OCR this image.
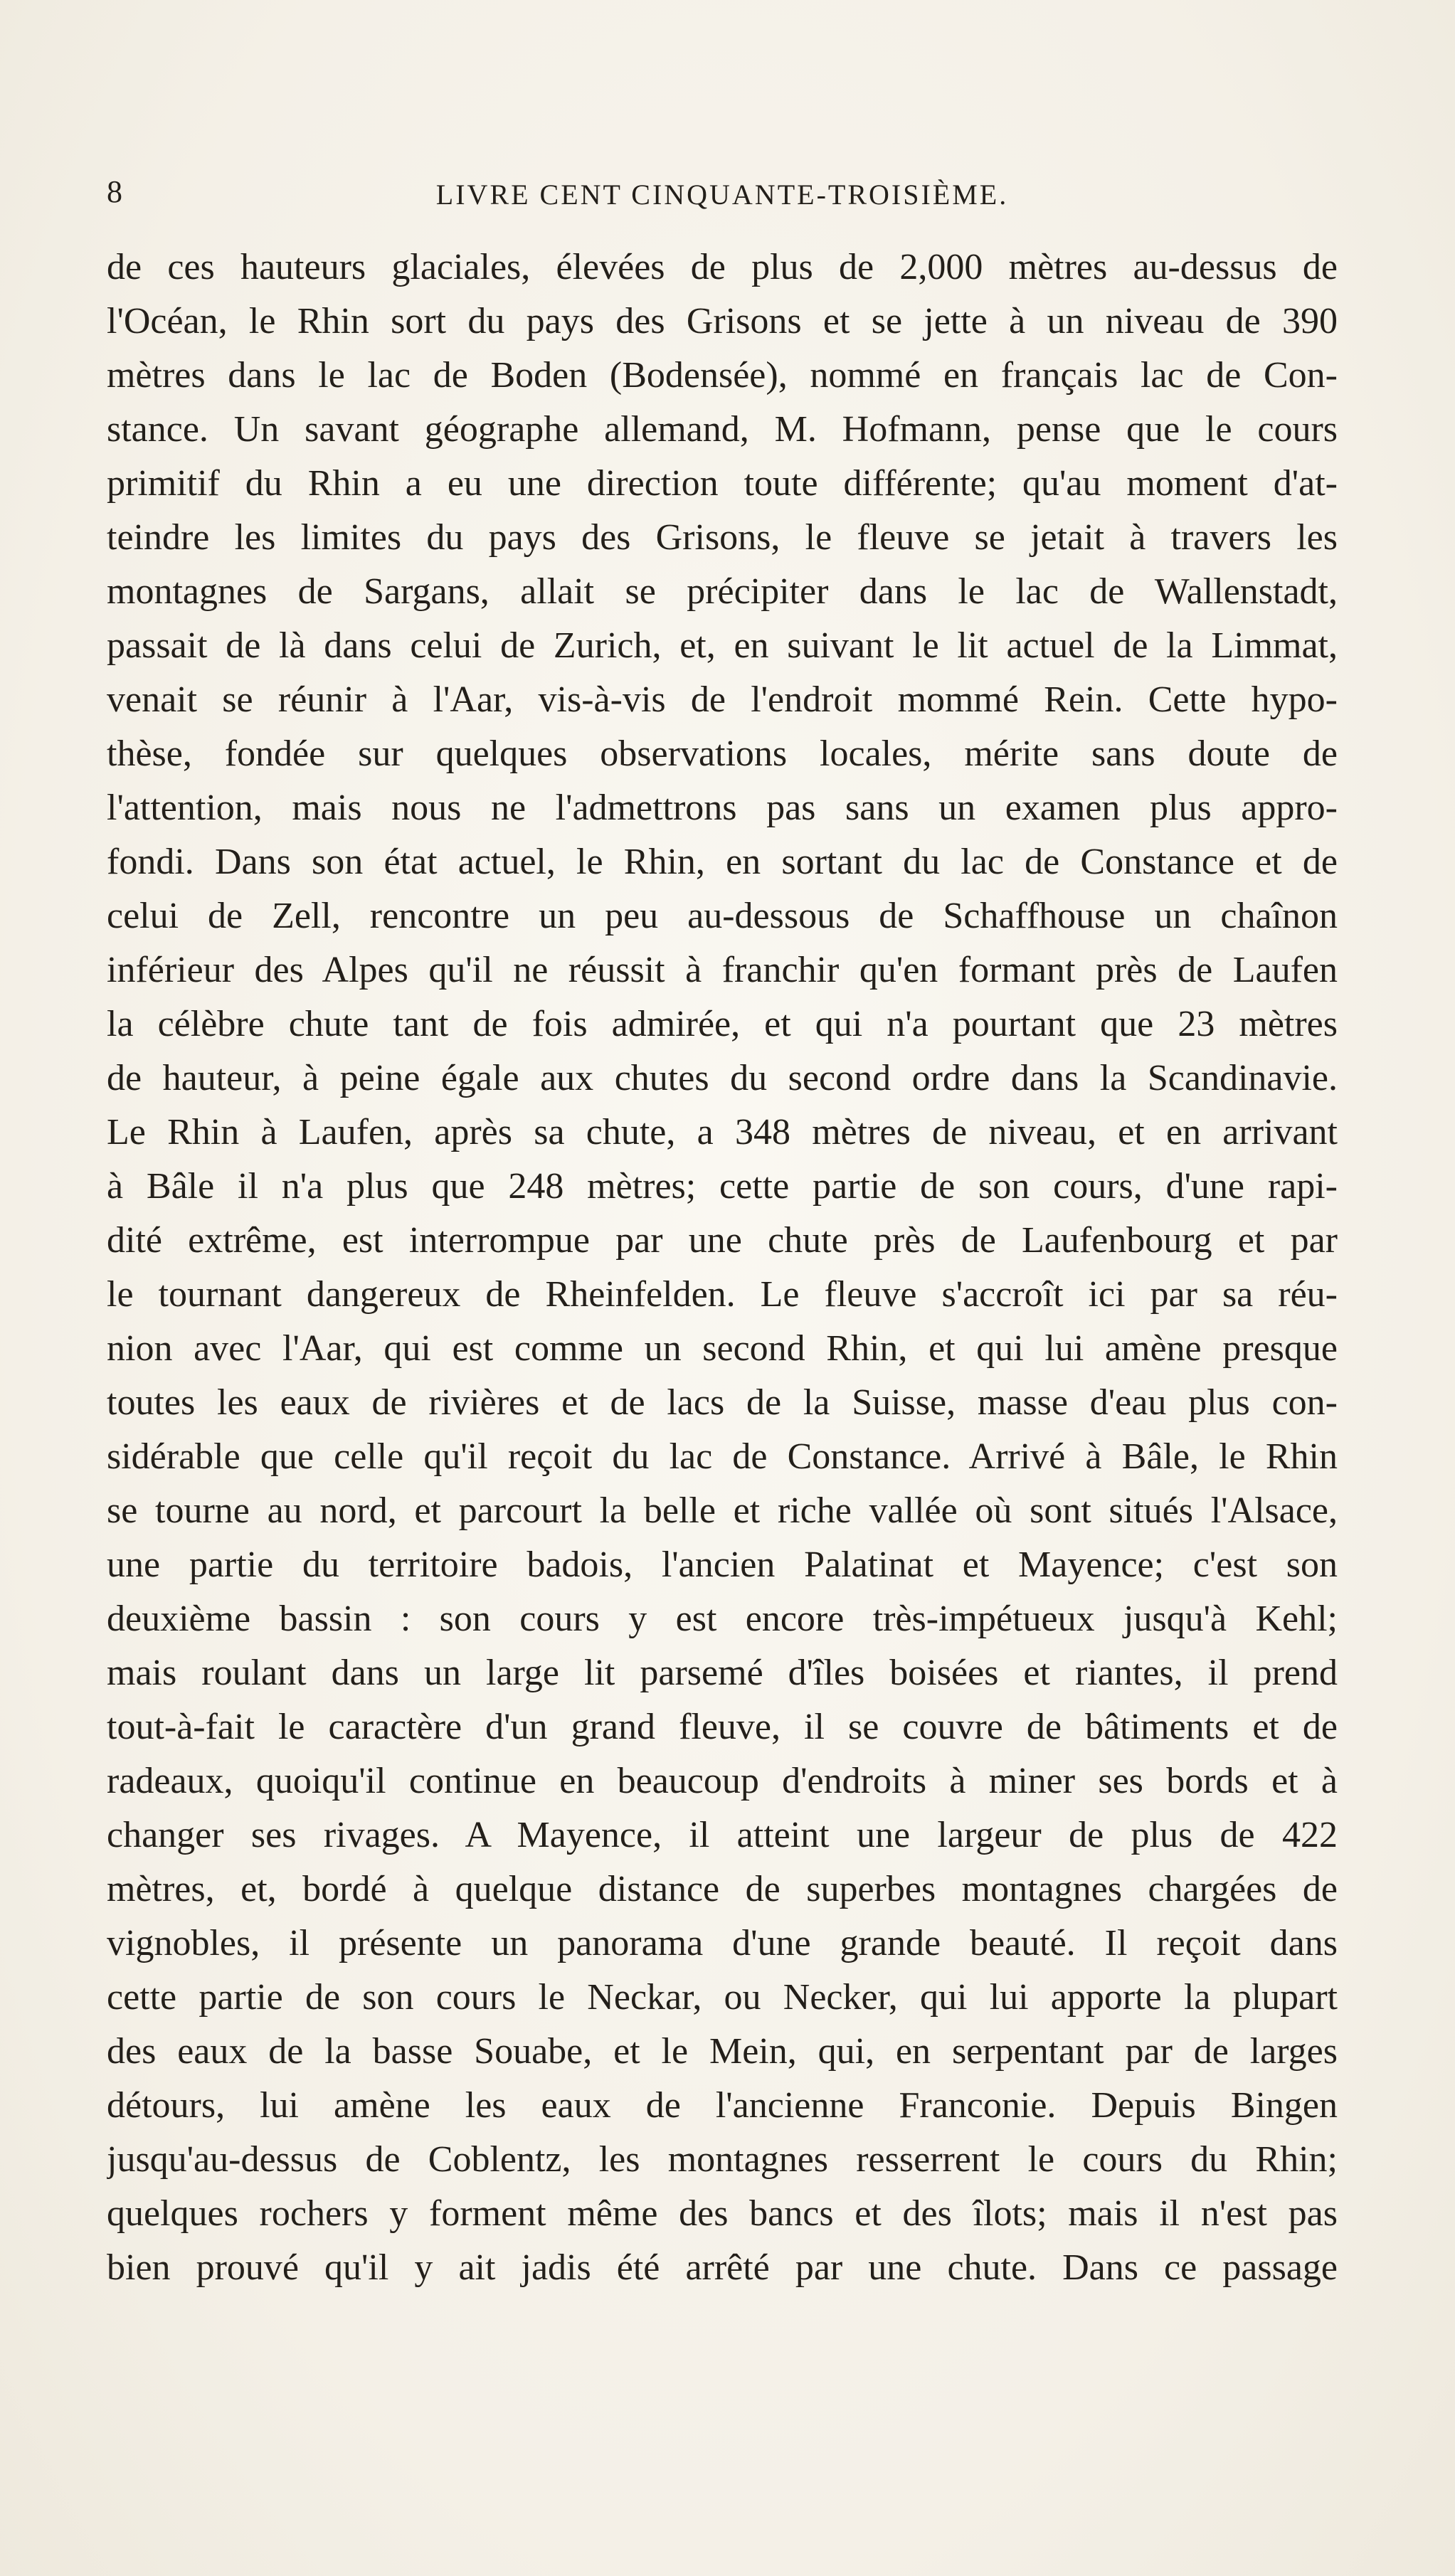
8	LIVRE CENT CINQUANTE-TROISIÈME.
de ces hauteurs glaciales, élevées de plus de 2,000 mètres au-dessus de
l'Océan, le Rhin sort du pays des Grisons et se jette à un niveau de 390
mètres dans le lac de Boden (Bodensée), nommé en français lac de Con-
stance. Un savant géographe allemand, M. Hofmann, pense que le cours
primitif du Rhin a eu une direction toute différente; qu'au moment d'at-
teindre les limites du pays des Grisons, le fleuve se jetait à travers les
montagnes de Sargans, allait se précipiter dans le lac de Wallenstadt,
passait de là dans celui de Zurich, et, en suivant le lit actuel de la Limmat,
venait se réunir à l'Aar, vis-à-vis de l'endroit mommé Rein. Cette hypo-
thèse, fondée sur quelques observations locales, mérite sans doute de
l'attention, mais nous ne l'admettrons pas sans un examen plus appro-
fondi. Dans son état actuel, le Rhin, en sortant du lac de Constance et de
celui de Zell, rencontre un peu au-dessous de Schaffhouse un chaînon
inférieur des Alpes qu'il ne réussit à franchir qu'en formant près de Laufen
la célèbre chute tant de fois admirée, et qui n'a pourtant que 23 mètres
de hauteur, à peine égale aux chutes du second ordre dans la Scandinavie.
Le Rhin à Laufen, après sa chute, a 348 mètres de niveau, et en arrivant
à Bâle il n'a plus que 248 mètres; cette partie de son cours, d'une rapi-
dité extrême, est interrompue par une chute près de Laufenbourg et par
le tournant dangereux de Rheinfelden. Le fleuve s'accroît ici par sa réu-
nion avec l'Aar, qui est comme un second Rhin, et qui lui amène presque
toutes les eaux de rivières et de lacs de la Suisse, masse d'eau plus con-
sidérable que celle qu'il reçoit du lac de Constance. Arrivé à Bâle, le Rhin
se tourne au nord, et parcourt la belle et riche vallée où sont situés l'Alsace,
une partie du territoire badois, l'ancien Palatinat et Mayence; c'est son
deuxième bassin : son cours y est encore très-impétueux jusqu'à Kehl;
mais roulant dans un large lit parsemé d'îles boisées et riantes, il prend
tout-à-fait le caractère d'un grand fleuve, il se couvre de bâtiments et de
radeaux, quoiqu'il continue en beaucoup d'endroits à miner ses bords et à
changer ses rivages. A Mayence, il atteint une largeur de plus de 422
mètres, et, bordé à quelque distance de superbes montagnes chargées de
vignobles, il présente un panorama d'une grande beauté. Il reçoit dans
cette partie de son cours le Neckar, ou Necker, qui lui apporte la plupart
des eaux de la basse Souabe, et le Mein, qui, en serpentant par de larges
détours, lui amène les eaux de l'ancienne Franconie. Depuis Bingen
jusqu'au-dessus de Coblentz, les montagnes resserrent le cours du Rhin;
quelques rochers y forment même des bancs et des îlots; mais il n'est pas
bien prouvé qu'il y ait jadis été arrêté par une chute. Dans ce passage
